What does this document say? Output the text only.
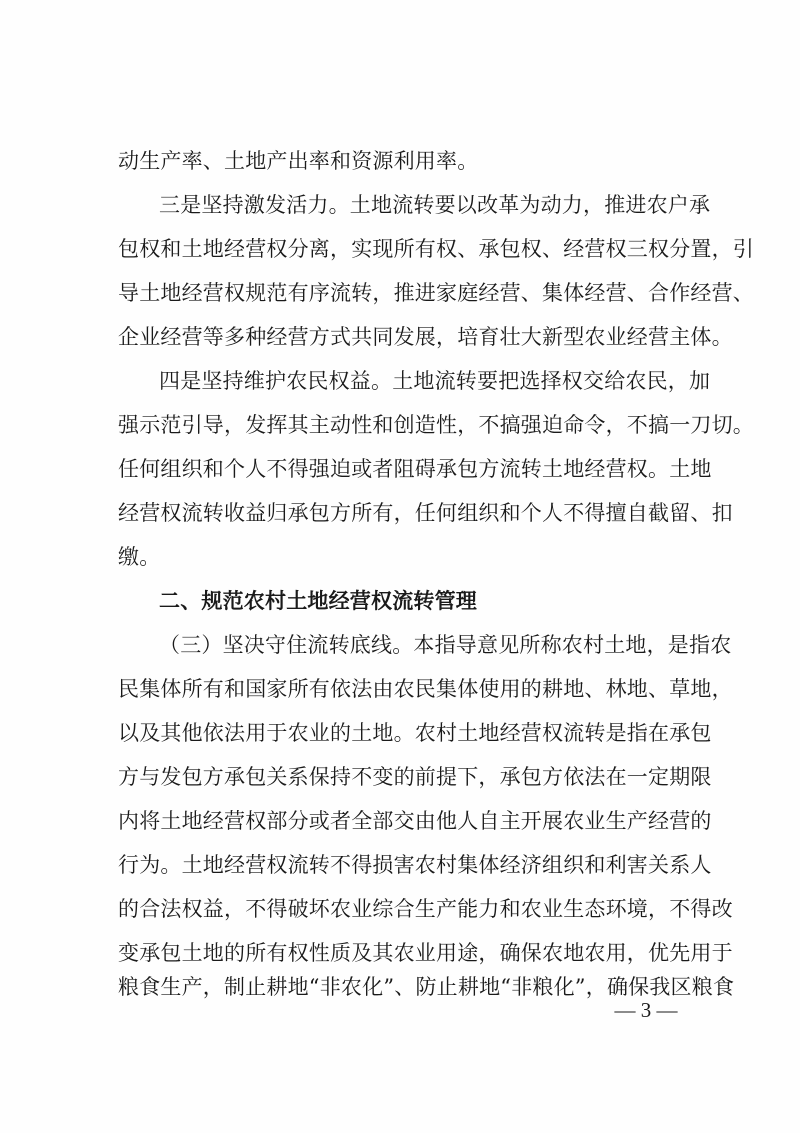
动生产率、土地产出率和资源利用率。
三是坚持激发活力。土地流转要以改革为动力，推进农户承
包权和土地经营权分离，实现所有权、承包权、经营权三权分置，引
导土地经营权规范有序流转，推进家庭经营、集体经营、合作经营、
企业经营等多种经营方式共同发展，培育壮大新型农业经营主体。
四是坚持维护农民权益。土地流转要把选择权交给农民，加
强示范引导，发挥其主动性和创造性，不搞强迫命令，不搞一刀切。
任何组织和个人不得强迫或者阻碍承包方流转土地经营权。土地
经营权流转收益归承包方所有，任何组织和个人不得擅自截留、扣
缴。
二、规范农村土地经营权流转管理
（三）坚决守住流转底线。本指导意见所称农村土地，是指农
民集体所有和国家所有依法由农民集体使用的耕地、林地、草地，
以及其他依法用于农业的土地。农村土地经营权流转是指在承包
方与发包方承包关系保持不变的前提下，承包方依法在一定期限
内将土地经营权部分或者全部交由他人自主开展农业生产经营的
行为。土地经营权流转不得损害农村集体经济组织和利害关系人
的合法权益，不得破坏农业综合生产能力和农业生态环境，不得改
变承包土地的所有权性质及其农业用途，确保农地农用，优先用于
粮食生产，制止耕地“非农化”、防止耕地“非粮化”，确保我区粮食
— 3 —
